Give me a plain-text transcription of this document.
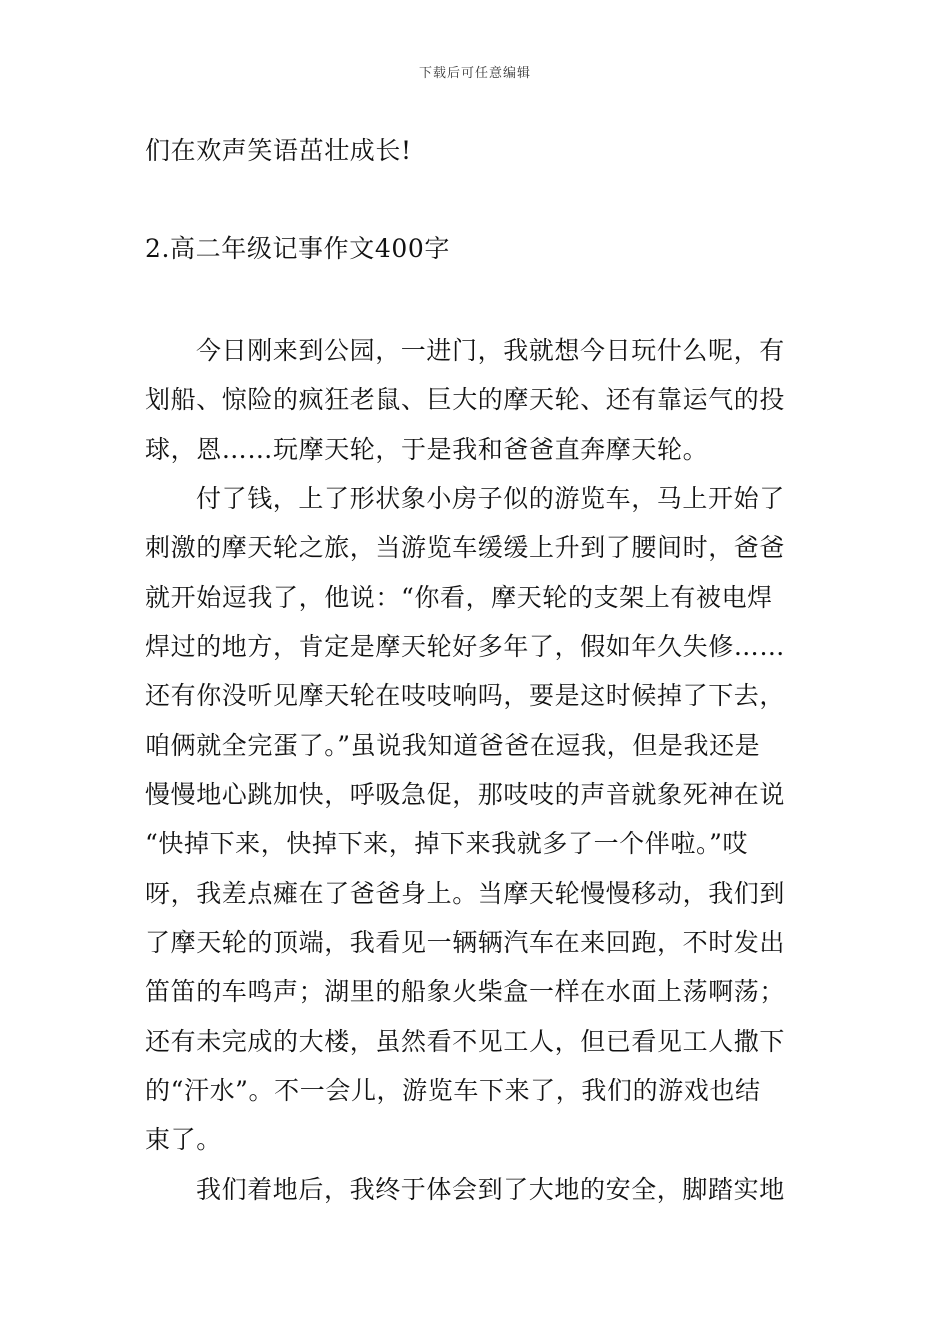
下载后可任意编辑
们在欢声笑语茁壮成长!
2.高二年级记事作文400字
今日刚来到公园，一进门，我就想今日玩什么呢，有
划船、惊险的疯狂老鼠、巨大的摩天轮、还有靠运气的投
球，恩……玩摩天轮，于是我和爸爸直奔摩天轮。
付了钱，上了形状象小房子似的游览车，马上开始了
刺激的摩天轮之旅，当游览车缓缓上升到了腰间时，爸爸
就开始逗我了，他说：“你看，摩天轮的支架上有被电焊
焊过的地方，肯定是摩天轮好多年了，假如年久失修……
还有你没听见摩天轮在吱吱响吗，要是这时候掉了下去，
咱俩就全完蛋了。”虽说我知道爸爸在逗我，但是我还是
慢慢地心跳加快，呼吸急促，那吱吱的声音就象死神在说
“快掉下来，快掉下来，掉下来我就多了一个伴啦。”哎
呀，我差点瘫在了爸爸身上。当摩天轮慢慢移动，我们到
了摩天轮的顶端，我看见一辆辆汽车在来回跑，不时发出
笛笛的车鸣声；湖里的船象火柴盒一样在水面上荡啊荡；
还有未完成的大楼，虽然看不见工人，但已看见工人撒下
的“汗水”。不一会儿，游览车下来了，我们的游戏也结
束了。
我们着地后，我终于体会到了大地的安全，脚踏实地
